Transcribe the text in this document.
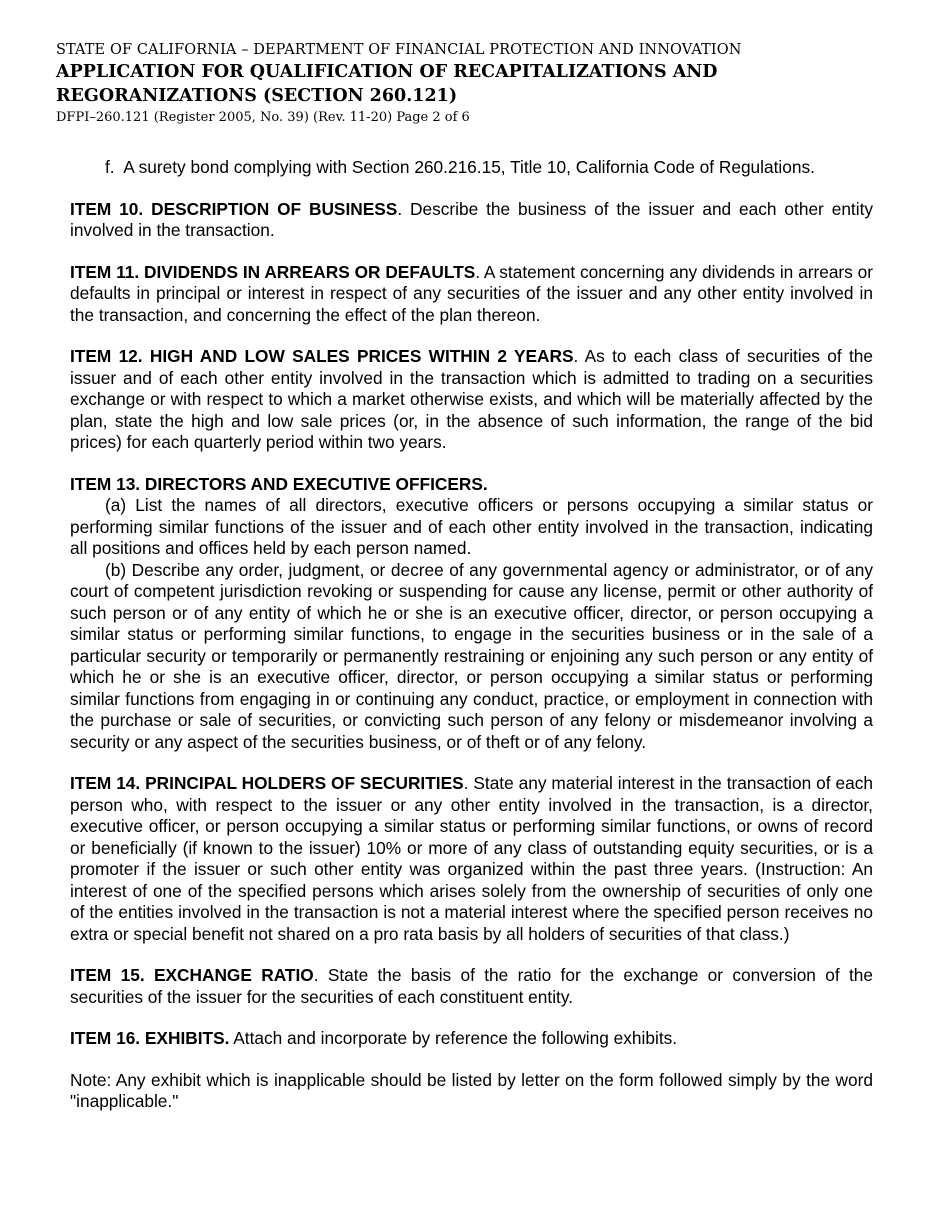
STATE OF CALIFORNIA – DEPARTMENT OF FINANCIAL PROTECTION AND INNOVATION
APPLICATION FOR QUALIFICATION OF RECAPITALIZATIONS AND
REGORANIZATIONS (SECTION 260.121)
DFPI–260.121 (Register 2005, No. 39) (Rev. 11-20) Page 2 of 6

f. A surety bond complying with Section 260.216.15, Title 10, California Code of Regulations.

ITEM 10. DESCRIPTION OF BUSINESS. Describe the business of the issuer and each other entity involved in the transaction.

ITEM 11. DIVIDENDS IN ARREARS OR DEFAULTS. A statement concerning any dividends in arrears or defaults in principal or interest in respect of any securities of the issuer and any other entity involved in the transaction, and concerning the effect of the plan thereon.

ITEM 12. HIGH AND LOW SALES PRICES WITHIN 2 YEARS. As to each class of securities of the issuer and of each other entity involved in the transaction which is admitted to trading on a securities exchange or with respect to which a market otherwise exists, and which will be materially affected by the plan, state the high and low sale prices (or, in the absence of such information, the range of the bid prices) for each quarterly period within two years.

ITEM 13. DIRECTORS AND EXECUTIVE OFFICERS.

(a) List the names of all directors, executive officers or persons occupying a similar status or performing similar functions of the issuer and of each other entity involved in the transaction, indicating all positions and offices held by each person named.

(b) Describe any order, judgment, or decree of any governmental agency or administrator, or of any court of competent jurisdiction revoking or suspending for cause any license, permit or other authority of such person or of any entity of which he or she is an executive officer, director, or person occupying a similar status or performing similar functions, to engage in the securities business or in the sale of a particular security or temporarily or permanently restraining or enjoining any such person or any entity of which he or she is an executive officer, director, or person occupying a similar status or performing similar functions from engaging in or continuing any conduct, practice, or employment in connection with the purchase or sale of securities, or convicting such person of any felony or misdemeanor involving a security or any aspect of the securities business, or of theft or of any felony.

ITEM 14. PRINCIPAL HOLDERS OF SECURITIES. State any material interest in the transaction of each person who, with respect to the issuer or any other entity involved in the transaction, is a director, executive officer, or person occupying a similar status or performing similar functions, or owns of record or beneficially (if known to the issuer) 10% or more of any class of outstanding equity securities, or is a promoter if the issuer or such other entity was organized within the past three years. (Instruction: An interest of one of the specified persons which arises solely from the ownership of securities of only one of the entities involved in the transaction is not a material interest where the specified person receives no extra or special benefit not shared on a pro rata basis by all holders of securities of that class.)

ITEM 15. EXCHANGE RATIO. State the basis of the ratio for the exchange or conversion of the securities of the issuer for the securities of each constituent entity.

ITEM 16. EXHIBITS. Attach and incorporate by reference the following exhibits.

Note: Any exhibit which is inapplicable should be listed by letter on the form followed simply by the word "inapplicable."
